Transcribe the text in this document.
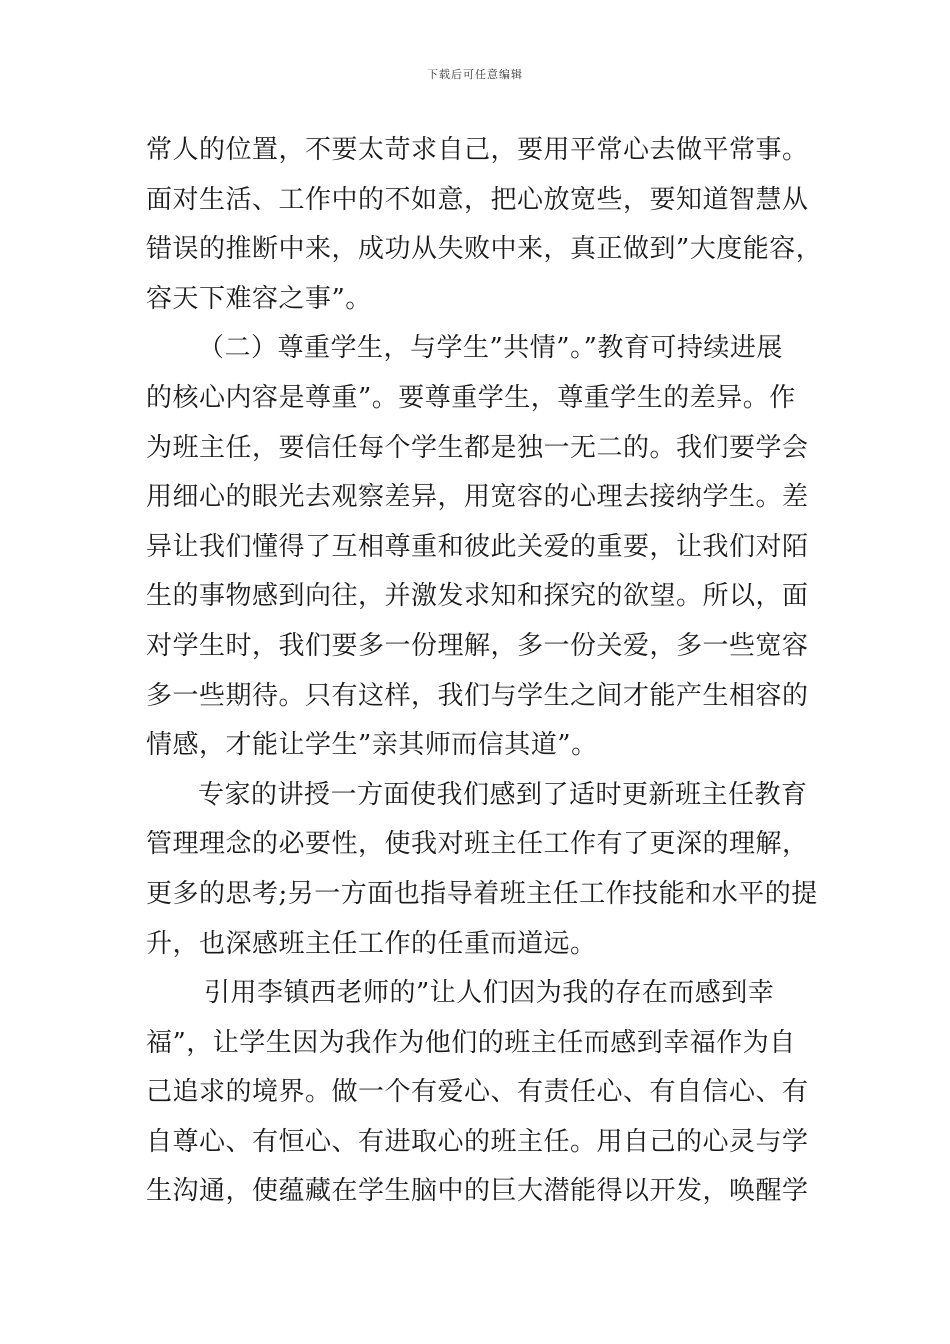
下载后可任意编辑
常人的位置，不要太苛求自己，要用平常心去做平常事。
面对生活、工作中的不如意，把心放宽些，要知道智慧从
错误的推断中来，成功从失败中来，真正做到”大度能容，
容天下难容之事”。
（二）尊重学生，与学生”共情”。”教育可持续进展
的核心内容是尊重”。要尊重学生，尊重学生的差异。作
为班主任，要信任每个学生都是独一无二的。我们要学会
用细心的眼光去观察差异，用宽容的心理去接纳学生。差
异让我们懂得了互相尊重和彼此关爱的重要，让我们对陌
生的事物感到向往，并激发求知和探究的欲望。所以，面
对学生时，我们要多一份理解，多一份关爱，多一些宽容
多一些期待。只有这样，我们与学生之间才能产生相容的
情感，才能让学生”亲其师而信其道”。
专家的讲授一方面使我们感到了适时更新班主任教育
管理理念的必要性，使我对班主任工作有了更深的理解，
更多的思考;另一方面也指导着班主任工作技能和水平的提
升，也深感班主任工作的任重而道远。
引用李镇西老师的”让人们因为我的存在而感到幸
福”，让学生因为我作为他们的班主任而感到幸福作为自
己追求的境界。做一个有爱心、有责任心、有自信心、有
自尊心、有恒心、有进取心的班主任。用自己的心灵与学
生沟通，使蕴藏在学生脑中的巨大潜能得以开发，唤醒学
